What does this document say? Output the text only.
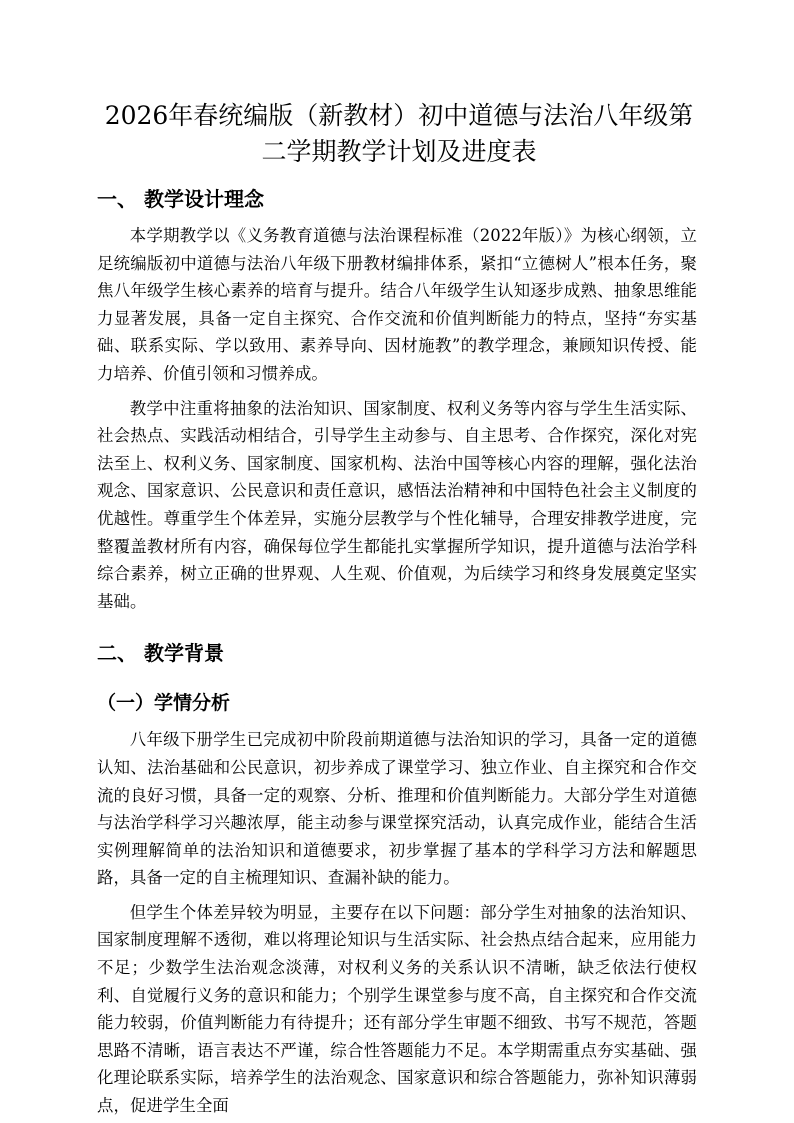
2026年春统编版（新教材）初中道德与法治八年级第二学期教学计划及进度表
一、 教学设计理念

本学期教学以《义务教育道德与法治课程标准（2022年版）》为核心纲领，立足统编版初中道德与法治八年级下册教材编排体系，紧扣“立德树人”根本任务，聚焦八年级学生核心素养的培育与提升。结合八年级学生认知逐步成熟、抽象思维能力显著发展，具备一定自主探究、合作交流和价值判断能力的特点，坚持“夯实基础、联系实际、学以致用、素养导向、因材施教”的教学理念，兼顾知识传授、能力培养、价值引领和习惯养成。

教学中注重将抽象的法治知识、国家制度、权利义务等内容与学生生活实际、社会热点、实践活动相结合，引导学生主动参与、自主思考、合作探究，深化对宪法至上、权利义务、国家制度、国家机构、法治中国等核心内容的理解，强化法治观念、国家意识、公民意识和责任意识，感悟法治精神和中国特色社会主义制度的优越性。尊重学生个体差异，实施分层教学与个性化辅导，合理安排教学进度，完整覆盖教材所有内容，确保每位学生都能扎实掌握所学知识，提升道德与法治学科综合素养，树立正确的世界观、人生观、价值观，为后续学习和终身发展奠定坚实基础。

二、 教学背景
（一）学情分析

八年级下册学生已完成初中阶段前期道德与法治知识的学习，具备一定的道德认知、法治基础和公民意识，初步养成了课堂学习、独立作业、自主探究和合作交流的良好习惯，具备一定的观察、分析、推理和价值判断能力。大部分学生对道德与法治学科学习兴趣浓厚，能主动参与课堂探究活动，认真完成作业，能结合生活实例理解简单的法治知识和道德要求，初步掌握了基本的学科学习方法和解题思路，具备一定的自主梳理知识、查漏补缺的能力。

但学生个体差异较为明显，主要存在以下问题：部分学生对抽象的法治知识、国家制度理解不透彻，难以将理论知识与生活实际、社会热点结合起来，应用能力不足；少数学生法治观念淡薄，对权利义务的关系认识不清晰，缺乏依法行使权利、自觉履行义务的意识和能力；个别学生课堂参与度不高，自主探究和合作交流能力较弱，价值判断能力有待提升；还有部分学生审题不细致、书写不规范，答题思路不清晰，语言表达不严谨，综合性答题能力不足。本学期需重点夯实基础、强化理论联系实际，培养学生的法治观念、国家意识和综合答题能力，弥补知识薄弱点，促进学生全面
